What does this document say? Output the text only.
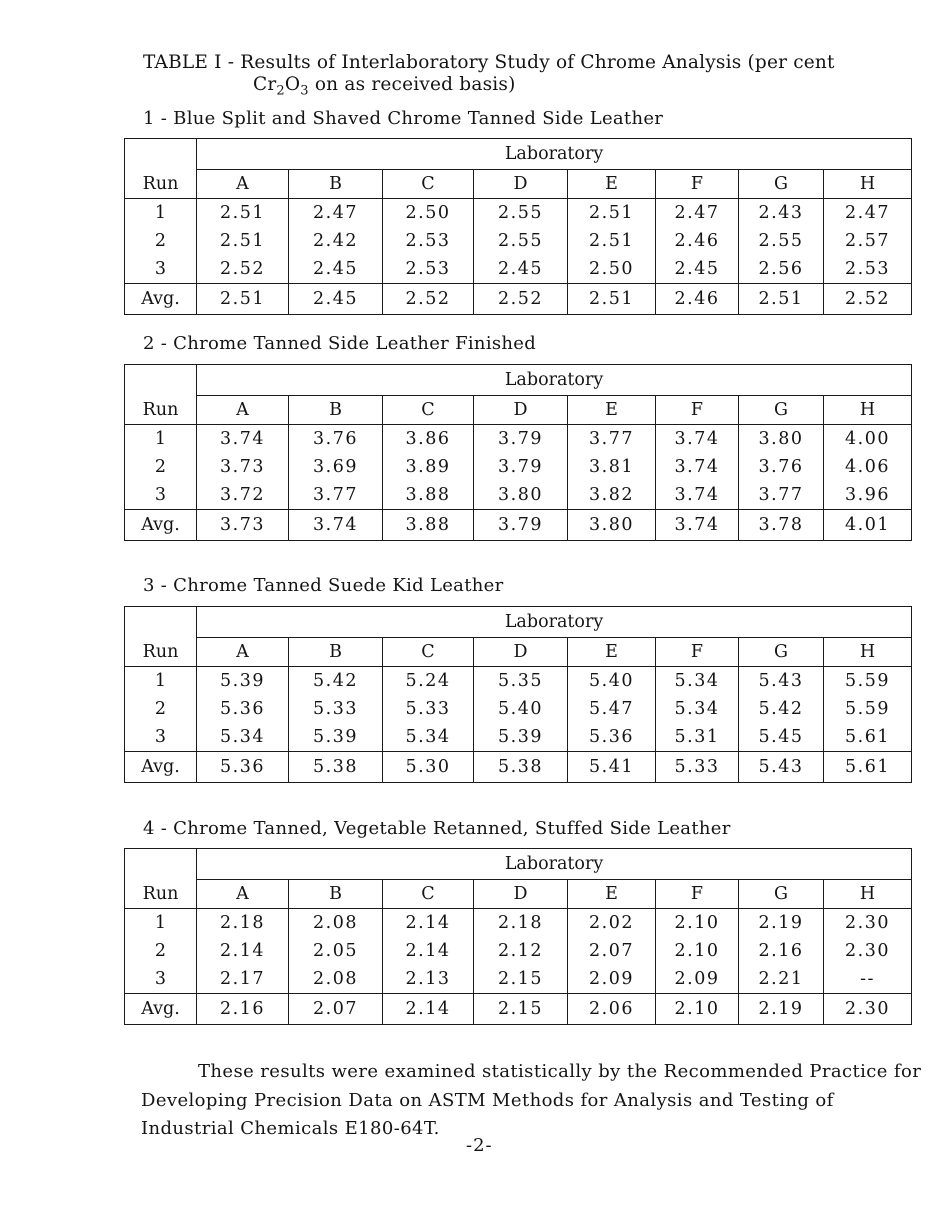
TABLE I - Results of Interlaboratory Study of Chrome Analysis (per cent
$Cr_2O_3$ on as received basis)
1 - Blue Split and Shaved Chrome Tanned Side Leather
	Laboratory							
Run	A	B	C	D	E	F	G	H
1	2.51	2.47	2.50	2.55	2.51	2.47	2.43	2.47
2	2.51	2.42	2.53	2.55	2.51	2.46	2.55	2.57
3	2.52	2.45	2.53	2.45	2.50	2.45	2.56	2.53
Avg.	2.51	2.45	2.52	2.52	2.51	2.46	2.51	2.52
2 - Chrome Tanned Side Leather Finished
	Laboratory							
Run	A	B	C	D	E	F	G	H
1	3.74	3.76	3.86	3.79	3.77	3.74	3.80	4.00
2	3.73	3.69	3.89	3.79	3.81	3.74	3.76	4.06
3	3.72	3.77	3.88	3.80	3.82	3.74	3.77	3.96
Avg.	3.73	3.74	3.88	3.79	3.80	3.74	3.78	4.01
3 - Chrome Tanned Suede Kid Leather
	Laboratory							
Run	A	B	C	D	E	F	G	H
1	5.39	5.42	5.24	5.35	5.40	5.34	5.43	5.59
2	5.36	5.33	5.33	5.40	5.47	5.34	5.42	5.59
3	5.34	5.39	5.34	5.39	5.36	5.31	5.45	5.61
Avg.	5.36	5.38	5.30	5.38	5.41	5.33	5.43	5.61
4 - Chrome Tanned, Vegetable Retanned, Stuffed Side Leather
	Laboratory							
Run	A	B	C	D	E	F	G	H
1	2.18	2.08	2.14	2.18	2.02	2.10	2.19	2.30
2	2.14	2.05	2.14	2.12	2.07	2.10	2.16	2.30
3	2.17	2.08	2.13	2.15	2.09	2.09	2.21	--
Avg.	2.16	2.07	2.14	2.15	2.06	2.10	2.19	2.30
These results were examined statistically by the Recommended Practice for Developing Precision Data on ASTM Methods for Analysis and Testing of Industrial Chemicals E180-64T.
-2-
